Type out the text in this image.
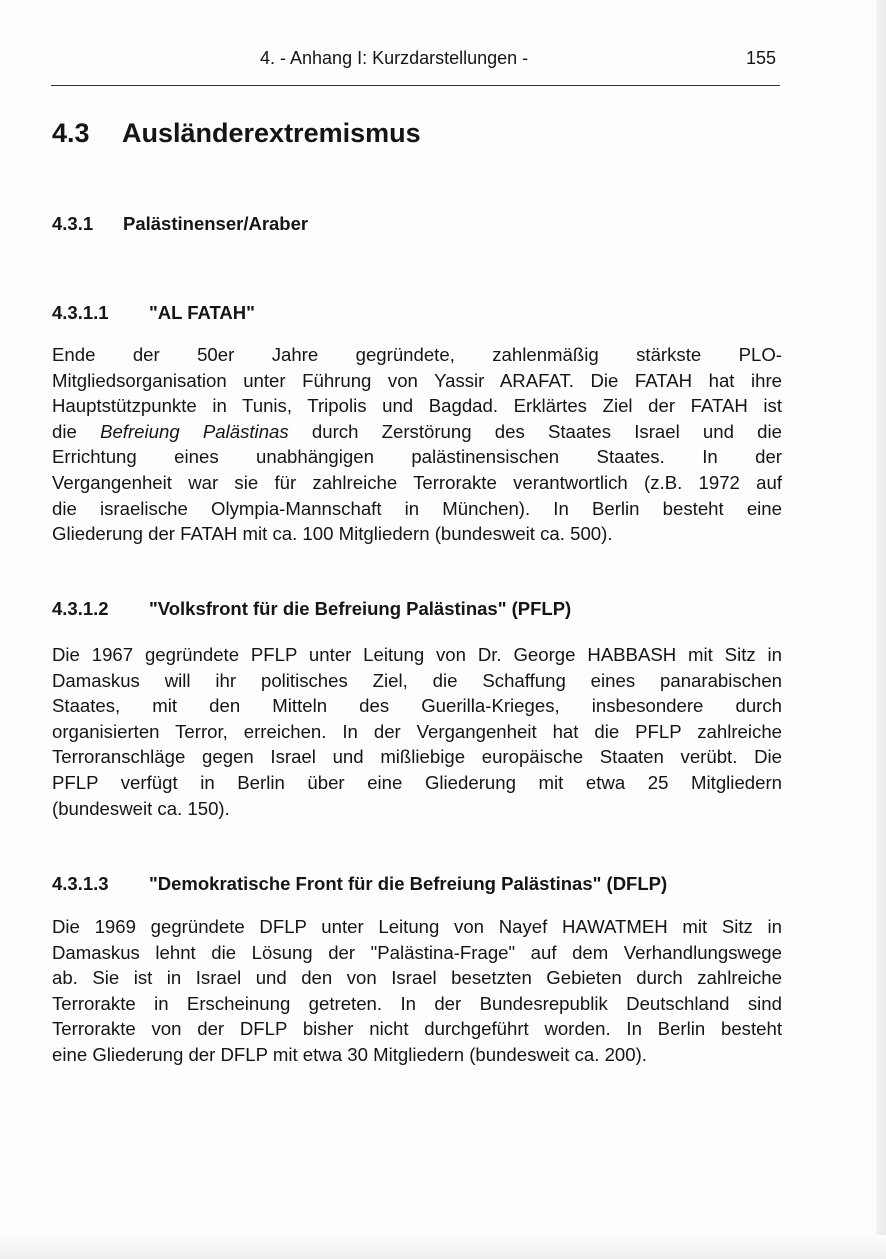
4. - Anhang I: Kurzdarstellungen -	155
4.3 Ausländerextremismus
4.3.1 Palästinenser/Araber
4.3.1.1 "AL FATAH"
Ende der 50er Jahre gegründete, zahlenmäßig stärkste PLO-
Mitgliedsorganisation unter Führung von Yassir ARAFAT. Die FATAH hat ihre
Hauptstützpunkte in Tunis, Tripolis und Bagdad. Erklärtes Ziel der FATAH ist
die Befreiung Palästinas durch Zerstörung des Staates Israel und die
Errichtung eines unabhängigen palästinensischen Staates. In der
Vergangenheit war sie für zahlreiche Terrorakte verantwortlich (z.B. 1972 auf
die israelische Olympia-Mannschaft in München). In Berlin besteht eine
Gliederung der FATAH mit ca. 100 Mitgliedern (bundesweit ca. 500).
4.3.1.2 "Volksfront für die Befreiung Palästinas" (PFLP)
Die 1967 gegründete PFLP unter Leitung von Dr. George HABBASH mit Sitz in
Damaskus will ihr politisches Ziel, die Schaffung eines panarabischen
Staates, mit den Mitteln des Guerilla-Krieges, insbesondere durch
organisierten Terror, erreichen. In der Vergangenheit hat die PFLP zahlreiche
Terroranschläge gegen Israel und mißliebige europäische Staaten verübt. Die
PFLP verfügt in Berlin über eine Gliederung mit etwa 25 Mitgliedern
(bundesweit ca. 150).
4.3.1.3 "Demokratische Front für die Befreiung Palästinas" (DFLP)
Die 1969 gegründete DFLP unter Leitung von Nayef HAWATMEH mit Sitz in
Damaskus lehnt die Lösung der "Palästina-Frage" auf dem Verhandlungswege
ab. Sie ist in Israel und den von Israel besetzten Gebieten durch zahlreiche
Terrorakte in Erscheinung getreten. In der Bundesrepublik Deutschland sind
Terrorakte von der DFLP bisher nicht durchgeführt worden. In Berlin besteht
eine Gliederung der DFLP mit etwa 30 Mitgliedern (bundesweit ca. 200).
